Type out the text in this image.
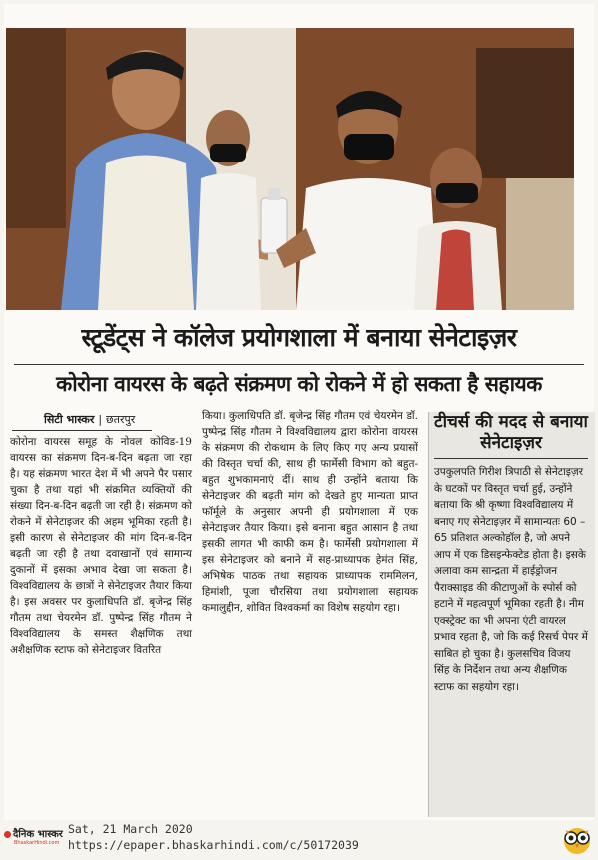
स्टूडेंट्स ने कॉलेज प्रयोगशाला में बनाया सेनेटाइज़र
कोरोना वायरस के बढ़ते संक्रमण को रोकने में हो सकता है सहायक
सिटी भास्कर | छतरपुर

कोरोना वायरस समूह के नोवल कोविड-19 वायरस का संक्रमण दिन-ब-दिन बढ़ता जा रहा है। यह संक्रमण भारत देश में भी अपने पैर पसार चुका है तथा यहां भी संक्रमित व्यक्तियों की संख्या दिन-ब-दिन बढ़ती जा रही है। संक्रमण को रोकने में सेनेटाइजर की अहम भूमिका रहती है। इसी कारण से सेनेटाइजर की मांग दिन-ब-दिन बढ़ती जा रही है तथा दवाखानों एवं सामान्य दुकानों में इसका अभाव देखा जा सकता है। विश्वविद्यालय के छात्रों ने सेनेटाइजर तैयार किया है। इस अवसर पर कुलाधिपति डॉ. बृजेन्द्र सिंह गौतम तथा चेयरमेन डॉ. पुष्पेन्द्र सिंह गौतम ने विश्वविद्यालय के समस्त शैक्षणिक तथा अशैक्षणिक स्टाफ को सेनेटाइजर वितरित

किया। कुलाधिपति डॉ. बृजेन्द्र सिंह गौतम एवं चेयरमेन डॉ. पुष्पेन्द्र सिंह गौतम ने विश्वविद्यालय द्वारा कोरोना वायरस के संक्रमण की रोकथाम के लिए किए गए अन्य प्रयासों की विस्तृत चर्चा की, साथ ही फार्मेसी विभाग को बहुत-बहुत शुभकामनाएं दीं। साथ ही उन्होंने बताया कि सेनेटाइजर की बढ़ती मांग को देखते हुए मान्यता प्राप्त फॉर्मूले के अनुसार अपनी ही प्रयोगशाला में एक सेनेटाइजर तैयार किया। इसे बनाना बहुत आसान है तथा इसकी लागत भी काफी कम है। फार्मेसी प्रयोगशाला में इस सेनेटाइजर को बनाने में सह-प्राध्यापक हेमंत सिंह, अभिषेक पाठक तथा सहायक प्राध्यापक राममिलन, हिमांशी, पूजा चौरसिया तथा प्रयोगशाला सहायक कमालुद्दीन, शोवित विश्वकर्मा का विशेष सहयोग रहा।

टीचर्स की मदद से बनाया सेनेटाइज़र
उपकुलपति गिरीश त्रिपाठी से सेनेटाइज़र के घटकों पर विस्तृत चर्चा हुई, उन्होंने बताया कि श्री कृष्णा विश्वविद्यालय में बनाए गए सेनेटाइज़र में सामान्यतः 60 – 65 प्रतिशत अल्कोहॉल है, जो अपने आप में एक डिसइन्फेक्टेड होता है। इसके अलावा कम सान्द्रता में हाईड्रोजन पैराक्साइड की कीटाणुओं के स्पोर्स को हटाने में महत्वपूर्ण भूमिका रहती है। नीम एक्स्ट्रेक्ट का भी अपना एंटी वायरल प्रभाव रहता है, जो कि कई रिसर्च पेपर में साबित हो चुका है। कुलसचिव विजय सिंह के निर्देशन तथा अन्य शैक्षणिक स्टाफ का सहयोग रहा।
दैनिक भास्कर
BhaskarHindi.com
Sat, 21 March 2020
https://epaper.bhaskarhindi.com/c/50172039
